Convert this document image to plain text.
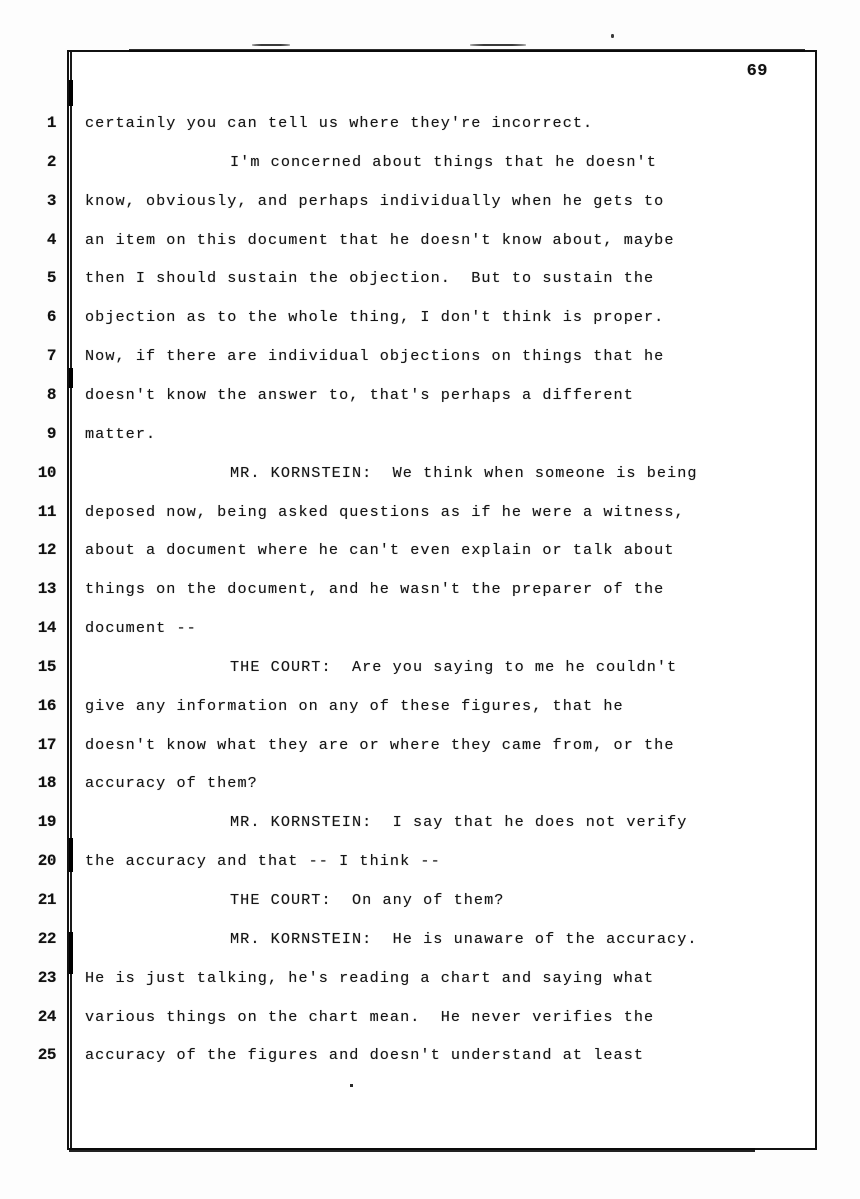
69
1 certainly you can tell us where they're incorrect.
2	I'm concerned about things that he doesn't
3 know, obviously, and perhaps individually when he gets to
4 an item on this document that he doesn't know about, maybe
5 then I should sustain the objection.  But to sustain the
6 objection as to the whole thing, I don't think is proper.
7 Now, if there are individual objections on things that he
8 doesn't know the answer to, that's perhaps a different
9 matter.
10	MR. KORNSTEIN:  We think when someone is being
11 deposed now, being asked questions as if he were a witness,
12 about a document where he can't even explain or talk about
13 things on the document, and he wasn't the preparer of the
14 document --
15	THE COURT:  Are you saying to me he couldn't
16 give any information on any of these figures, that he
17 doesn't know what they are or where they came from, or the
18 accuracy of them?
19	MR. KORNSTEIN:  I say that he does not verify
20 the accuracy and that -- I think --
21	THE COURT:  On any of them?
22	MR. KORNSTEIN:  He is unaware of the accuracy.
23 He is just talking, he's reading a chart and saying what
24 various things on the chart mean.  He never verifies the
25 accuracy of the figures and doesn't understand at least
